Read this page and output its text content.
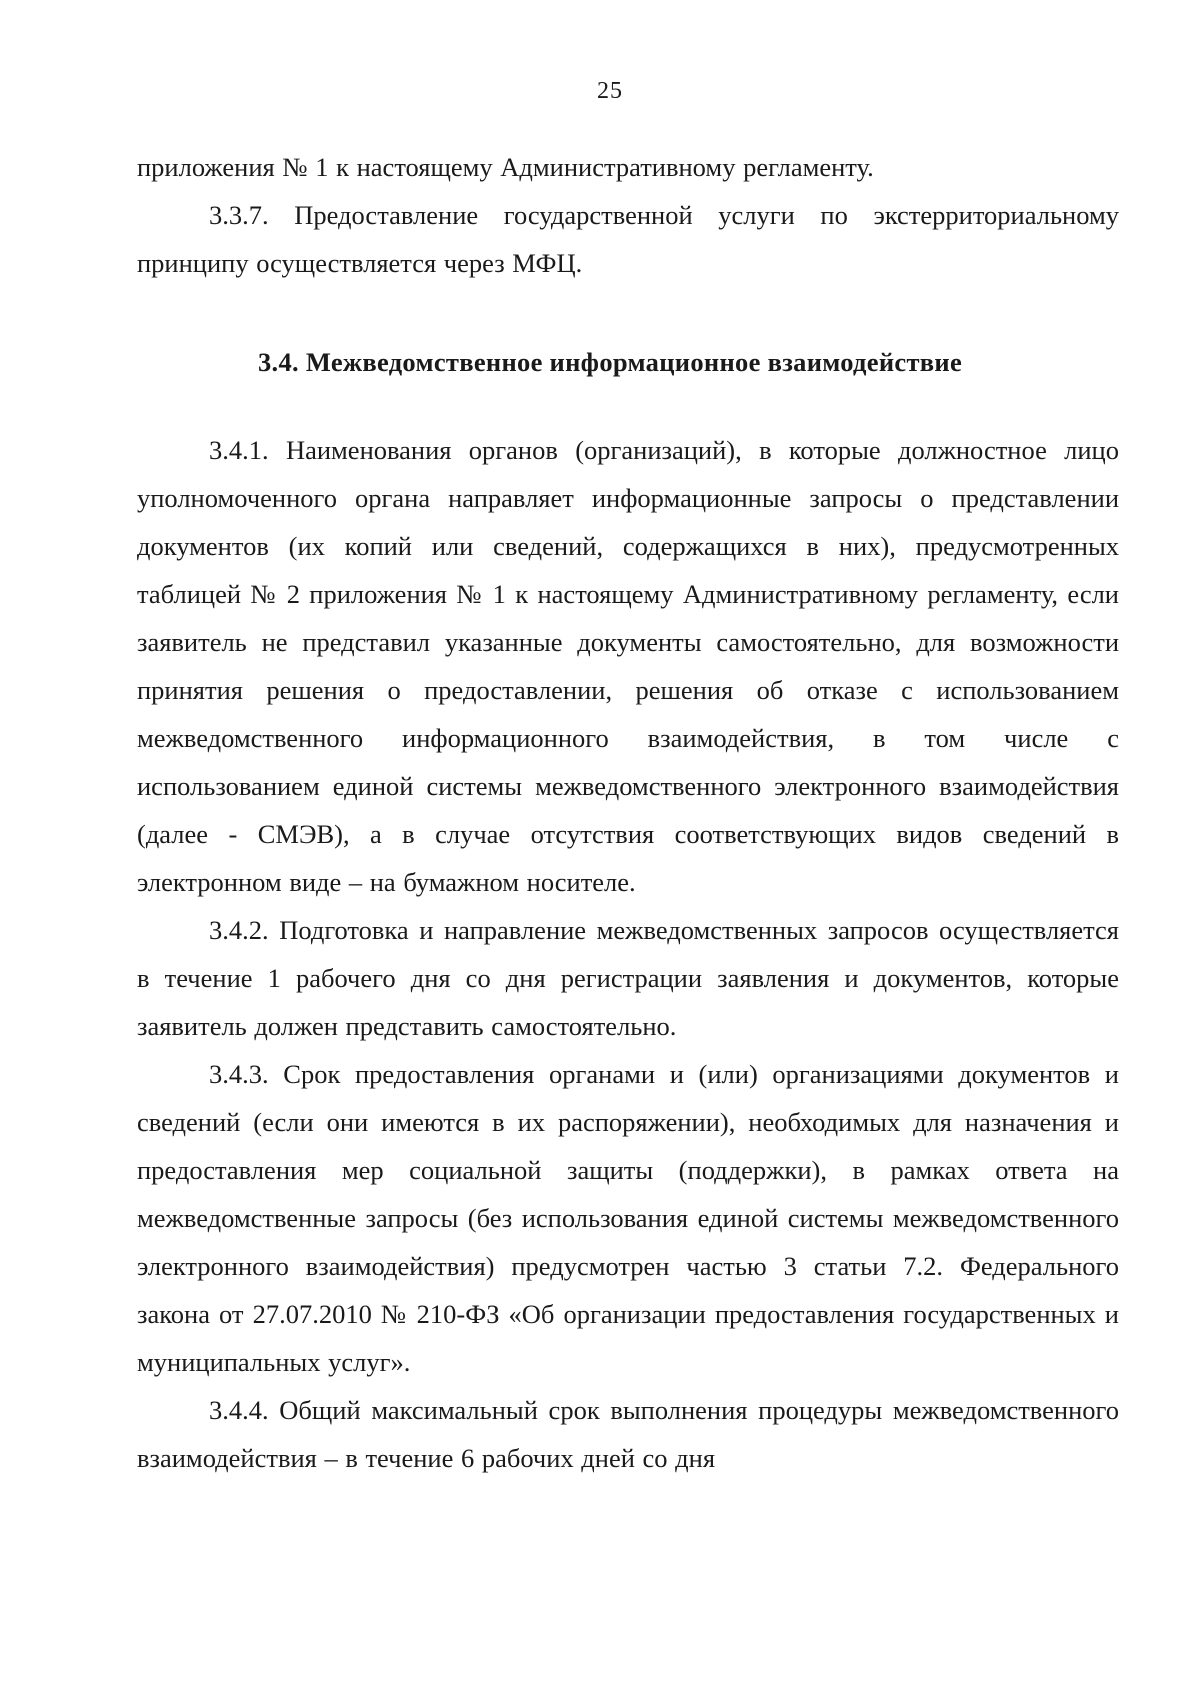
25

приложения № 1 к настоящему Административному регламенту.

3.3.7. Предоставление государственной услуги по экстерриториальному принципу осуществляется через МФЦ.

3.4. Межведомственное информационное взаимодействие

3.4.1. Наименования органов (организаций), в которые должностное лицо уполномоченного органа направляет информационные запросы о представлении документов (их копий или сведений, содержащихся в них), предусмотренных таблицей № 2 приложения № 1 к настоящему Административному регламенту, если заявитель не представил указанные документы самостоятельно, для возможности принятия решения о предоставлении, решения об отказе с использованием межведомственного информационного взаимодействия, в том числе с использованием единой системы межведомственного электронного взаимодействия (далее - СМЭВ), а в случае отсутствия соответствующих видов сведений в электронном виде – на бумажном носителе.

3.4.2. Подготовка и направление межведомственных запросов осуществляется в течение 1 рабочего дня со дня регистрации заявления и документов, которые заявитель должен представить самостоятельно.

3.4.3. Срок предоставления органами и (или) организациями документов и сведений (если они имеются в их распоряжении), необходимых для назначения и предоставления мер социальной защиты (поддержки), в рамках ответа на межведомственные запросы (без использования единой системы межведомственного электронного взаимодействия) предусмотрен частью 3 статьи 7.2. Федерального закона от 27.07.2010 № 210-ФЗ «Об организации предоставления государственных и муниципальных услуг».

3.4.4. Общий максимальный срок выполнения процедуры межведомственного взаимодействия – в течение 6 рабочих дней со дня
